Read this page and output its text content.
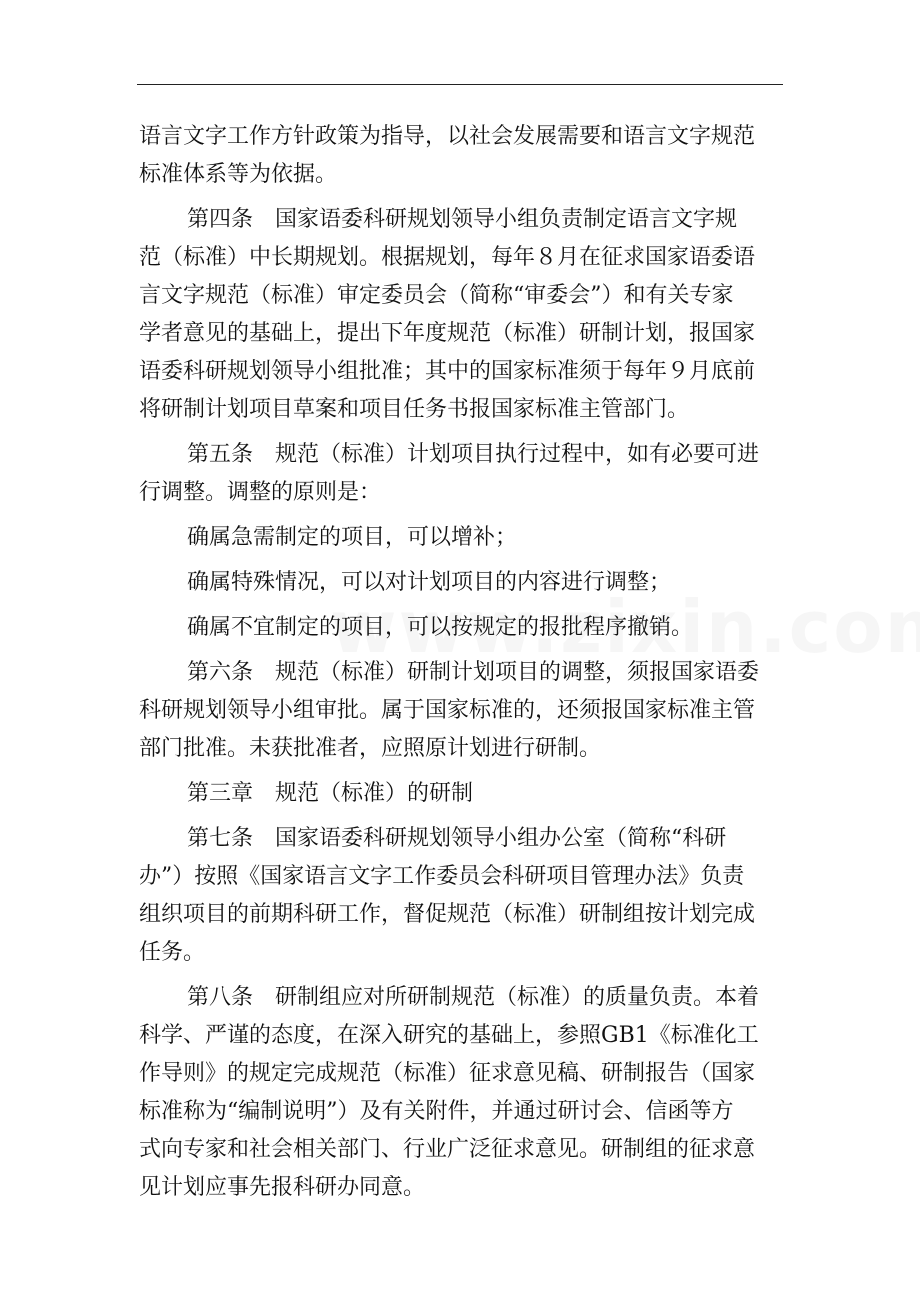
语言文字工作方针政策为指导，以社会发展需要和语言文字规范
标准体系等为依据。
第四条　国家语委科研规划领导小组负责制定语言文字规
范（标准）中长期规划。根据规划，每年８月在征求国家语委语
言文字规范（标准）审定委员会（简称“审委会”）和有关专家
学者意见的基础上，提出下年度规范（标准）研制计划，报国家
语委科研规划领导小组批准；其中的国家标准须于每年９月底前
将研制计划项目草案和项目任务书报国家标准主管部门。
第五条　规范（标准）计划项目执行过程中，如有必要可进
行调整。调整的原则是：
确属急需制定的项目，可以增补；
确属特殊情况，可以对计划项目的内容进行调整；
确属不宜制定的项目，可以按规定的报批程序撤销。
第六条　规范（标准）研制计划项目的调整，须报国家语委
科研规划领导小组审批。属于国家标准的，还须报国家标准主管
部门批准。未获批准者，应照原计划进行研制。
第三章　规范（标准）的研制
第七条　国家语委科研规划领导小组办公室（简称“科研
办”）按照《国家语言文字工作委员会科研项目管理办法》负责
组织项目的前期科研工作，督促规范（标准）研制组按计划完成
任务。
第八条　研制组应对所研制规范（标准）的质量负责。本着
科学、严谨的态度，在深入研究的基础上，参照GB1《标准化工
作导则》的规定完成规范（标准）征求意见稿、研制报告（国家
标准称为“编制说明”）及有关附件，并通过研讨会、信函等方
式向专家和社会相关部门、行业广泛征求意见。研制组的征求意
见计划应事先报科研办同意。
